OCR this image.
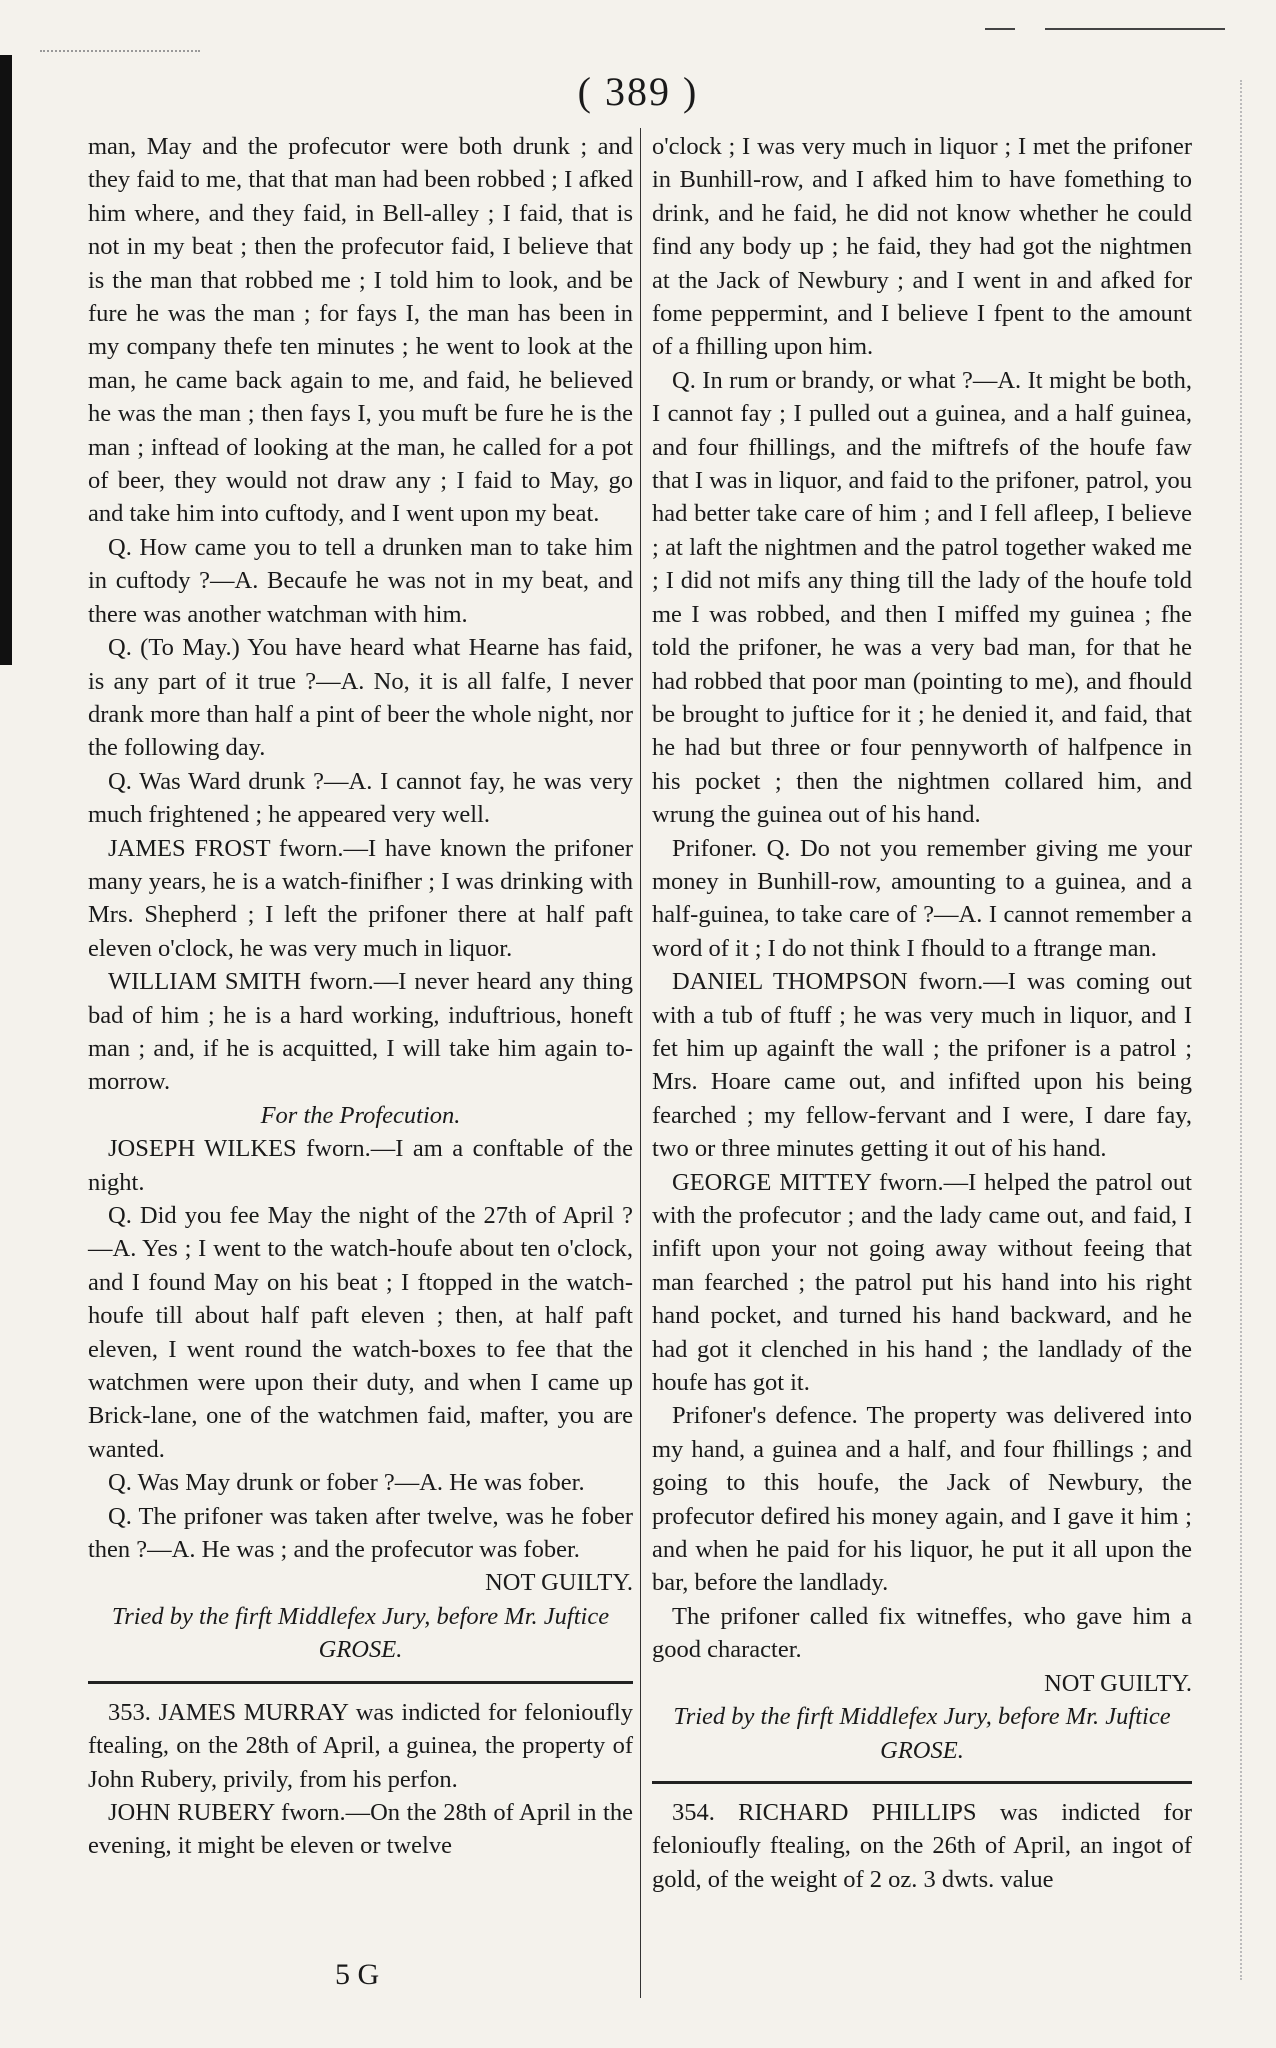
( 389 )

man, May and the profecutor were both drunk ; and they faid to me, that that man had been robbed ; I afked him where, and they faid, in Bell-alley ; I faid, that is not in my beat ; then the profecutor faid, I believe that is the man that robbed me ; I told him to look, and be fure he was the man ; for fays I, the man has been in my company thefe ten minutes ; he went to look at the man, he came back again to me, and faid, he believed he was the man ; then fays I, you muft be fure he is the man ; inftead of looking at the man, he called for a pot of beer, they would not draw any ; I faid to May, go and take him into cuftody, and I went upon my beat.

Q. How came you to tell a drunken man to take him in cuftody ?—A. Becaufe he was not in my beat, and there was another watchman with him.

Q. (To May.) You have heard what Hearne has faid, is any part of it true ?—A. No, it is all falfe, I never drank more than half a pint of beer the whole night, nor the following day.

Q. Was Ward drunk ?—A. I cannot fay, he was very much frightened ; he appeared very well.

JAMES FROST fworn.—I have known the prifoner many years, he is a watch-finifher ; I was drinking with Mrs. Shepherd ; I left the prifoner there at half paft eleven o'clock, he was very much in liquor.

WILLIAM SMITH fworn.—I never heard any thing bad of him ; he is a hard working, induftrious, honeft man ; and, if he is acquitted, I will take him again to-morrow.

For the Profecution.

JOSEPH WILKES fworn.—I am a conftable of the night.

Q. Did you fee May the night of the 27th of April ?—A. Yes ; I went to the watch-houfe about ten o'clock, and I found May on his beat ; I ftopped in the watch-houfe till about half paft eleven ; then, at half paft eleven, I went round the watch-boxes to fee that the watchmen were upon their duty, and when I came up Brick-lane, one of the watchmen faid, mafter, you are wanted.

Q. Was May drunk or fober ?—A. He was fober.

Q. The prifoner was taken after twelve, was he fober then ?—A. He was ; and the profecutor was fober.

NOT GUILTY.

Tried by the firft Middlefex Jury, before Mr. Juftice GROSE.

353. JAMES MURRAY was indicted for felonioufly ftealing, on the 28th of April, a guinea, the property of John Rubery, privily, from his perfon.

JOHN RUBERY fworn.—On the 28th of April in the evening, it might be eleven or twelve

o'clock ; I was very much in liquor ; I met the prifoner in Bunhill-row, and I afked him to have fomething to drink, and he faid, he did not know whether he could find any body up ; he faid, they had got the nightmen at the Jack of Newbury ; and I went in and afked for fome peppermint, and I believe I fpent to the amount of a fhilling upon him.

Q. In rum or brandy, or what ?—A. It might be both, I cannot fay ; I pulled out a guinea, and a half guinea, and four fhillings, and the miftrefs of the houfe faw that I was in liquor, and faid to the prifoner, patrol, you had better take care of him ; and I fell afleep, I believe ; at laft the nightmen and the patrol together waked me ; I did not mifs any thing till the lady of the houfe told me I was robbed, and then I miffed my guinea ; fhe told the prifoner, he was a very bad man, for that he had robbed that poor man (pointing to me), and fhould be brought to juftice for it ; he denied it, and faid, that he had but three or four pennyworth of halfpence in his pocket ; then the nightmen collared him, and wrung the guinea out of his hand.

Prifoner. Q. Do not you remember giving me your money in Bunhill-row, amounting to a guinea, and a half-guinea, to take care of ?—A. I cannot remember a word of it ; I do not think I fhould to a ftrange man.

DANIEL THOMPSON fworn.—I was coming out with a tub of ftuff ; he was very much in liquor, and I fet him up againft the wall ; the prifoner is a patrol ; Mrs. Hoare came out, and infifted upon his being fearched ; my fellow-fervant and I were, I dare fay, two or three minutes getting it out of his hand.

GEORGE MITTEY fworn.—I helped the patrol out with the profecutor ; and the lady came out, and faid, I infift upon your not going away without feeing that man fearched ; the patrol put his hand into his right hand pocket, and turned his hand backward, and he had got it clenched in his hand ; the landlady of the houfe has got it.

Prifoner's defence. The property was delivered into my hand, a guinea and a half, and four fhillings ; and going to this houfe, the Jack of Newbury, the profecutor defired his money again, and I gave it him ; and when he paid for his liquor, he put it all upon the bar, before the landlady.

The prifoner called fix witneffes, who gave him a good character.

NOT GUILTY.

Tried by the firft Middlefex Jury, before Mr. Juftice GROSE.

354. RICHARD PHILLIPS was indicted for felonioufly ftealing, on the 26th of April, an ingot of gold, of the weight of 2 oz. 3 dwts. value

5 G
